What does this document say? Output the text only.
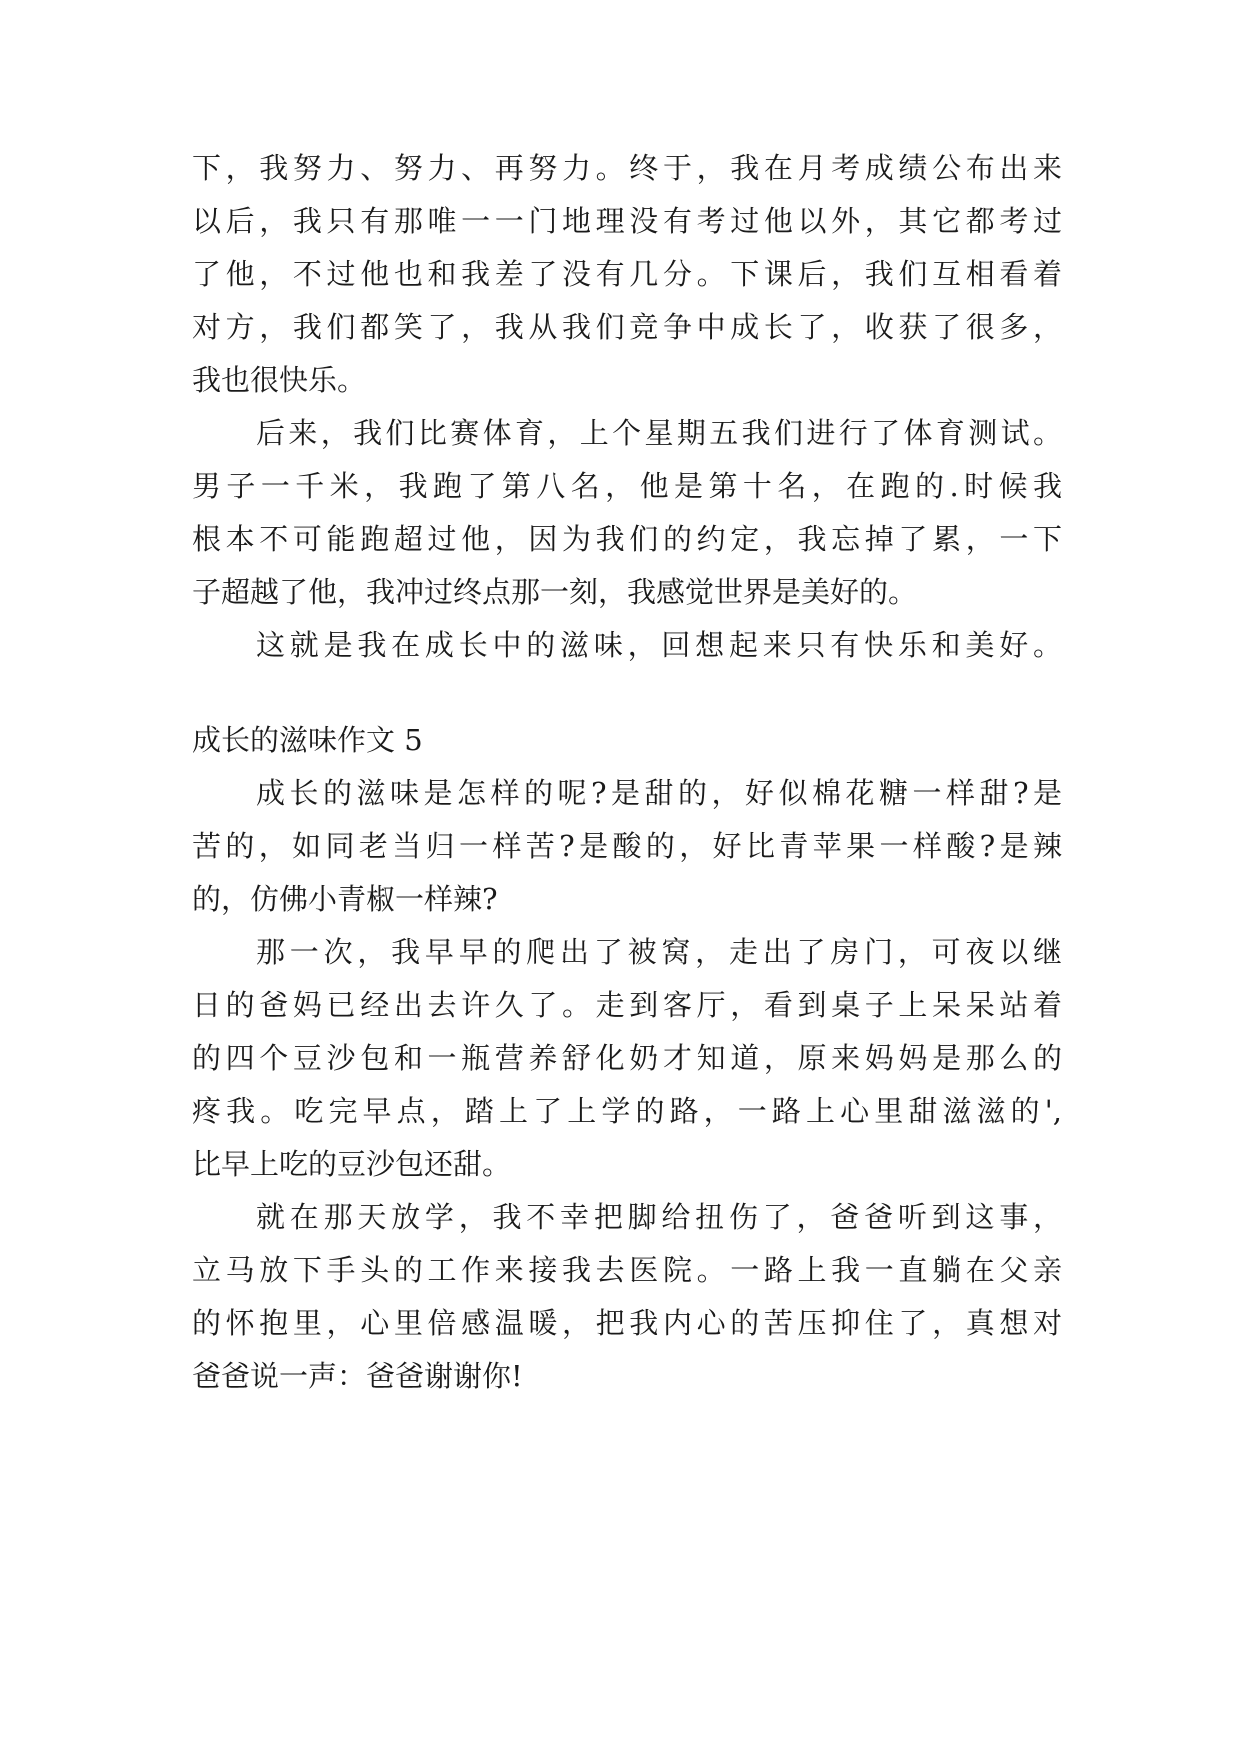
下，我努力、努力、再努力。终于，我在月考成绩公布出来
以后，我只有那唯一一门地理没有考过他以外，其它都考过
了他，不过他也和我差了没有几分。下课后，我们互相看着
对方，我们都笑了，我从我们竞争中成长了，收获了很多，
我也很快乐。
后来，我们比赛体育，上个星期五我们进行了体育测试。
男子一千米，我跑了第八名，他是第十名，在跑的.时候我
根本不可能跑超过他，因为我们的约定，我忘掉了累，一下
子超越了他，我冲过终点那一刻，我感觉世界是美好的。
这就是我在成长中的滋味，回想起来只有快乐和美好。
成长的滋味作文 5
成长的滋味是怎样的呢?是甜的，好似棉花糖一样甜?是
苦的，如同老当归一样苦?是酸的，好比青苹果一样酸?是辣
的，仿佛小青椒一样辣?
那一次，我早早的爬出了被窝，走出了房门，可夜以继
日的爸妈已经出去许久了。走到客厅，看到桌子上呆呆站着
的四个豆沙包和一瓶营养舒化奶才知道，原来妈妈是那么的
疼我。吃完早点，踏上了上学的路，一路上心里甜滋滋的',
比早上吃的豆沙包还甜。
就在那天放学，我不幸把脚给扭伤了，爸爸听到这事，
立马放下手头的工作来接我去医院。一路上我一直躺在父亲
的怀抱里，心里倍感温暖，把我内心的苦压抑住了，真想对
爸爸说一声：爸爸谢谢你!
